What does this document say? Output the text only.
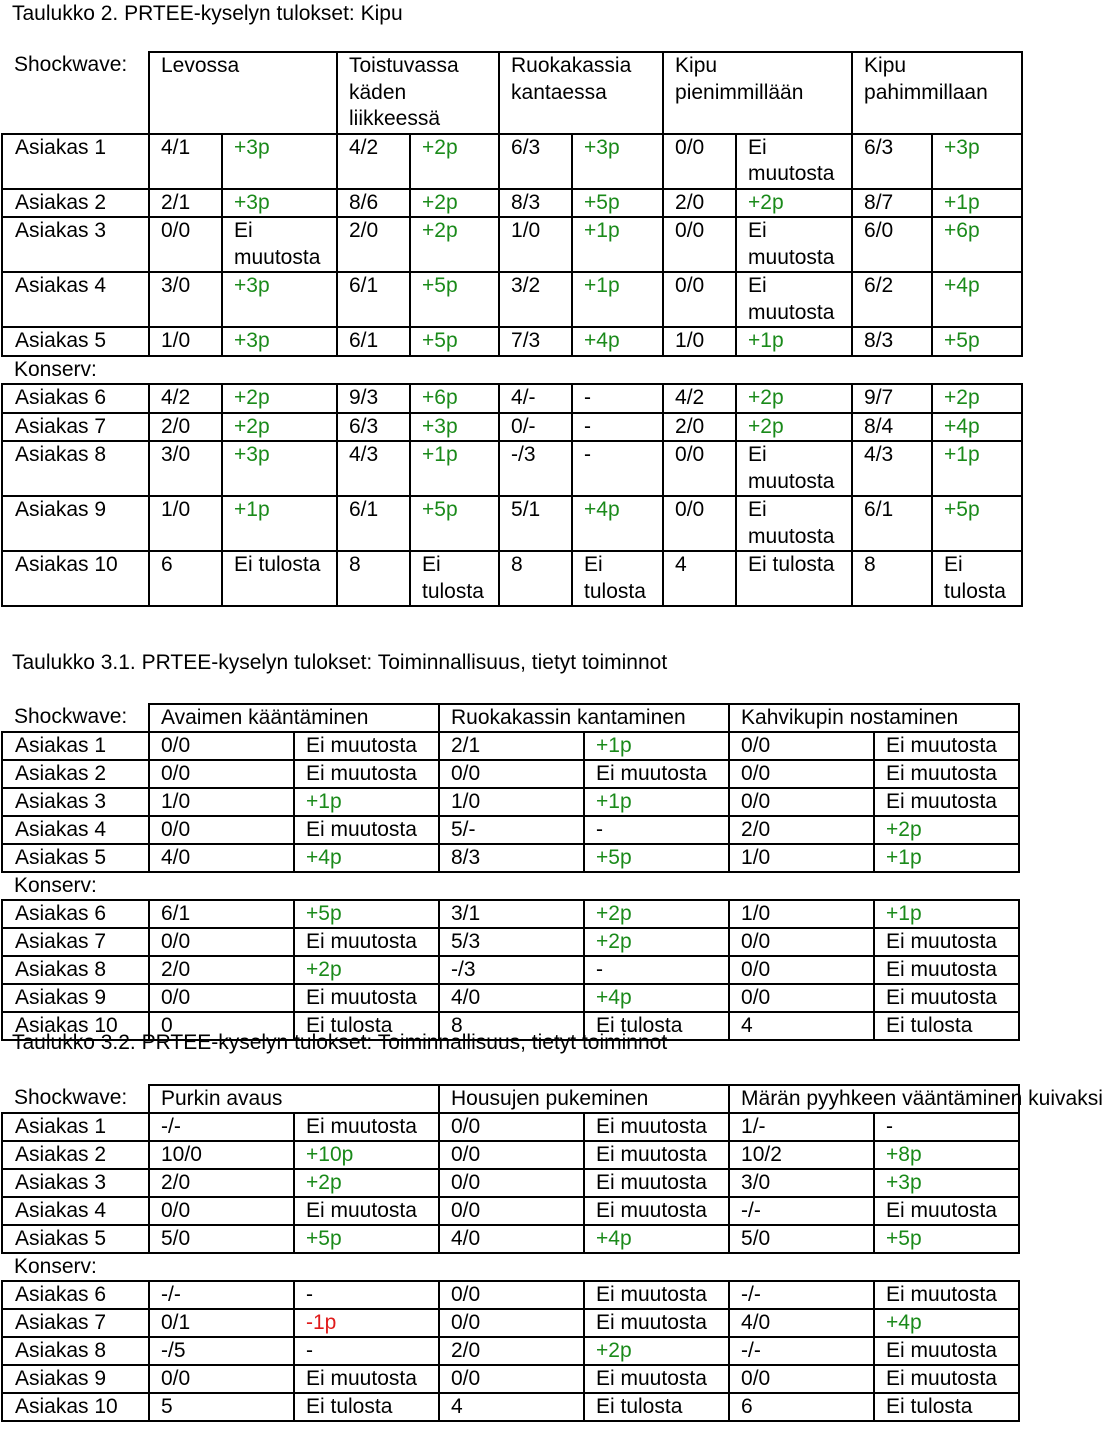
Taulukko 2. PRTEE-kyselyn tulokset: Kipu
Shockwave:	Levossa		Toistuvassa käden liikkeessä		Ruokakassia kantaessa		Kipu pienimmillään		Kipu pahimmillaan	
Asiakas 1	4/1	+3p	4/2	+2p	6/3	+3p	0/0	Ei muutosta	6/3	+3p
Asiakas 2	2/1	+3p	8/6	+2p	8/3	+5p	2/0	+2p	8/7	+1p
Asiakas 3	0/0	Ei muutosta	2/0	+2p	1/0	+1p	0/0	Ei muutosta	6/0	+6p
Asiakas 4	3/0	+3p	6/1	+5p	3/2	+1p	0/0	Ei muutosta	6/2	+4p
Asiakas 5	1/0	+3p	6/1	+5p	7/3	+4p	1/0	+1p	8/3	+5p
Konserv:										
Asiakas 6	4/2	+2p	9/3	+6p	4/-	-	4/2	+2p	9/7	+2p
Asiakas 7	2/0	+2p	6/3	+3p	0/-	-	2/0	+2p	8/4	+4p
Asiakas 8	3/0	+3p	4/3	+1p	-/3	-	0/0	Ei muutosta	4/3	+1p
Asiakas 9	1/0	+1p	6/1	+5p	5/1	+4p	0/0	Ei muutosta	6/1	+5p
Asiakas 10	6	Ei tulosta	8	Ei tulosta	8	Ei tulosta	4	Ei tulosta	8	Ei tulosta
Taulukko 3.1. PRTEE-kyselyn tulokset: Toiminnallisuus, tietyt toiminnot
Shockwave:	Avaimen kääntäminen		Ruokakassin kantaminen		Kahvikupin nostaminen	
Asiakas 1	0/0	Ei muutosta	2/1	+1p	0/0	Ei muutosta
Asiakas 2	0/0	Ei muutosta	0/0	Ei muutosta	0/0	Ei muutosta
Asiakas 3	1/0	+1p	1/0	+1p	0/0	Ei muutosta
Asiakas 4	0/0	Ei muutosta	5/-	-	2/0	+2p
Asiakas 5	4/0	+4p	8/3	+5p	1/0	+1p
Konserv:						
Asiakas 6	6/1	+5p	3/1	+2p	1/0	+1p
Asiakas 7	0/0	Ei muutosta	5/3	+2p	0/0	Ei muutosta
Asiakas 8	2/0	+2p	-/3	-	0/0	Ei muutosta
Asiakas 9	0/0	Ei muutosta	4/0	+4p	0/0	Ei muutosta
Asiakas 10	0	Ei tulosta	8	Ei tulosta	4	Ei tulosta
Taulukko 3.2. PRTEE-kyselyn tulokset: Toiminnallisuus, tietyt toiminnot
Shockwave:	Purkin avaus		Housujen pukeminen		Märän pyyhkeen vääntäminen kuivaksi	
Asiakas 1	-/-	Ei muutosta	0/0	Ei muutosta	1/-	-
Asiakas 2	10/0	+10p	0/0	Ei muutosta	10/2	+8p
Asiakas 3	2/0	+2p	0/0	Ei muutosta	3/0	+3p
Asiakas 4	0/0	Ei muutosta	0/0	Ei muutosta	-/-	Ei muutosta
Asiakas 5	5/0	+5p	4/0	+4p	5/0	+5p
Konserv:						
Asiakas 6	-/-	-	0/0	Ei muutosta	-/-	Ei muutosta
Asiakas 7	0/1	-1p	0/0	Ei muutosta	4/0	+4p
Asiakas 8	-/5	-	2/0	+2p	-/-	Ei muutosta
Asiakas 9	0/0	Ei muutosta	0/0	Ei muutosta	0/0	Ei muutosta
Asiakas 10	5	Ei tulosta	4	Ei tulosta	6	Ei tulosta
